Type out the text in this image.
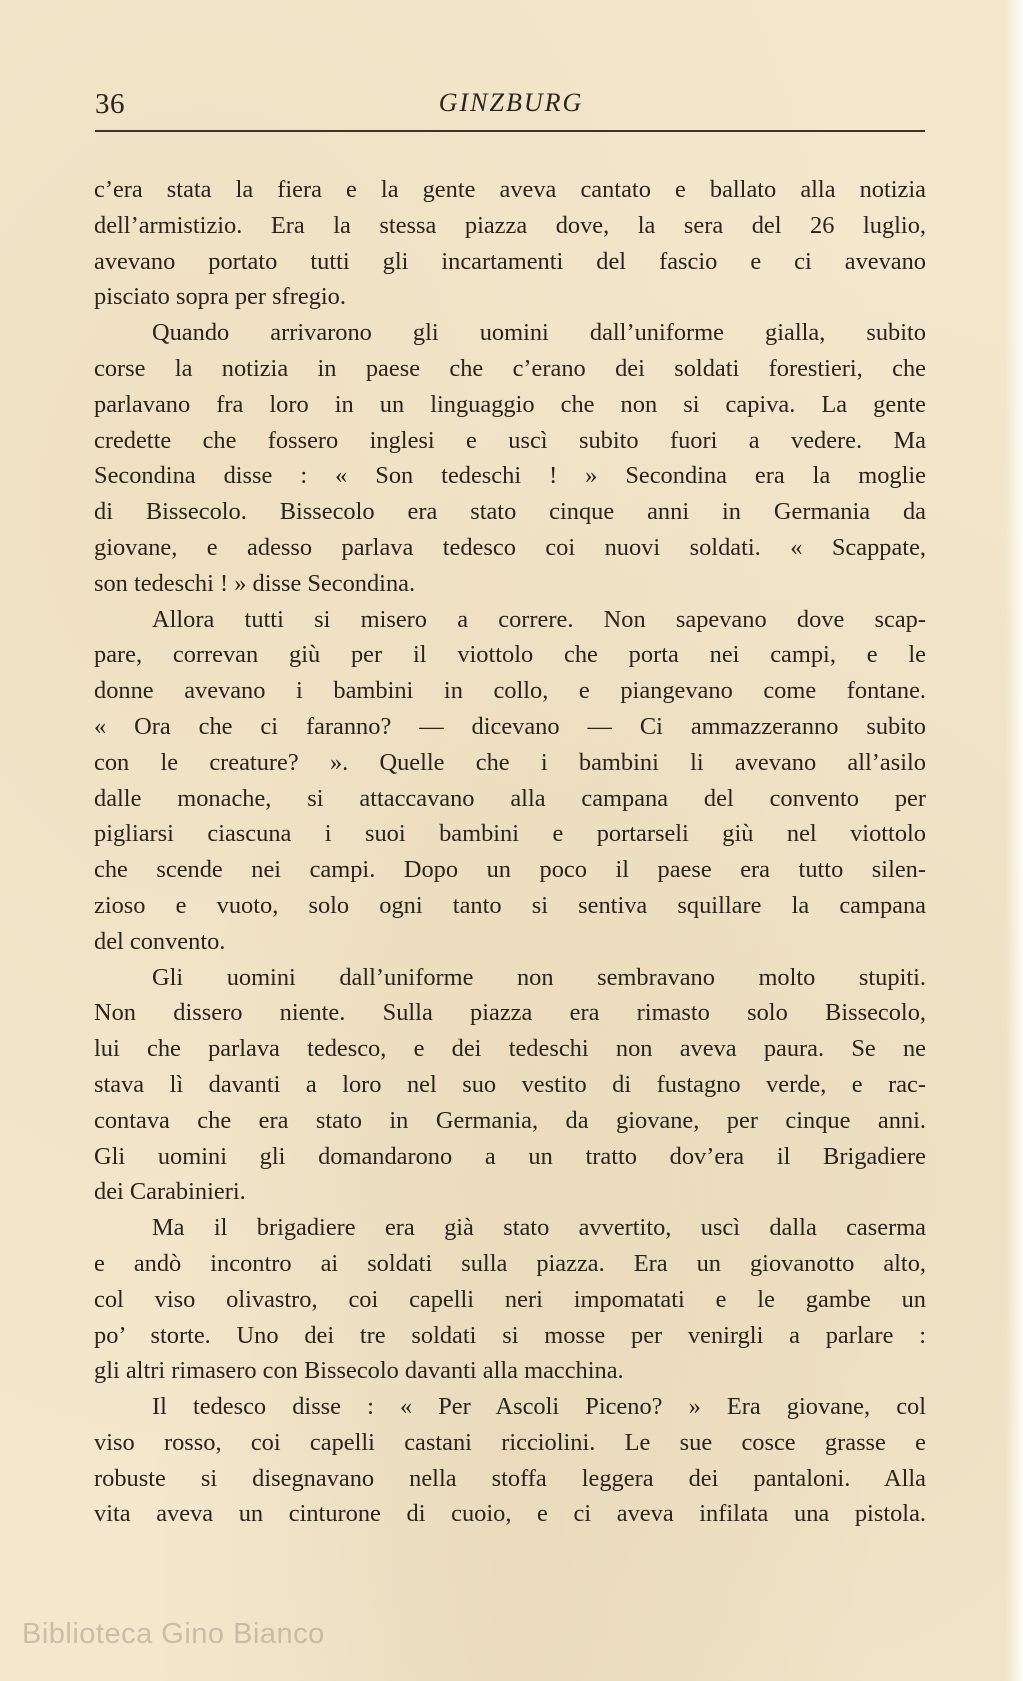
36	GINZBURG

c’era stata la fiera e la gente aveva cantato e ballato alla notizia

dell’armistizio. Era la stessa piazza dove, la sera del 26 luglio,

avevano portato tutti gli incartamenti del fascio e ci avevano

pisciato sopra per sfregio.

Quando arrivarono gli uomini dall’uniforme gialla, subito

corse la notizia in paese che c’erano dei soldati forestieri, che

parlavano fra loro in un linguaggio che non si capiva. La gente

credette che fossero inglesi e uscì subito fuori a vedere. Ma

Secondina disse : « Son tedeschi ! » Secondina era la moglie

di Bissecolo. Bissecolo era stato cinque anni in Germania da

giovane, e adesso parlava tedesco coi nuovi soldati. « Scappate,

son tedeschi ! » disse Secondina.

Allora tutti si misero a correre. Non sapevano dove scap-

pare, correvan giù per il viottolo che porta nei campi, e le

donne avevano i bambini in collo, e piangevano come fontane.

« Ora che ci faranno? — dicevano — Ci ammazzeranno subito

con le creature? ». Quelle che i bambini li avevano all’asilo

dalle monache, si attaccavano alla campana del convento per

pigliarsi ciascuna i suoi bambini e portarseli giù nel viottolo

che scende nei campi. Dopo un poco il paese era tutto silen-

zioso e vuoto, solo ogni tanto si sentiva squillare la campana

del convento.

Gli uomini dall’uniforme non sembravano molto stupiti.

Non dissero niente. Sulla piazza era rimasto solo Bissecolo,

lui che parlava tedesco, e dei tedeschi non aveva paura. Se ne

stava lì davanti a loro nel suo vestito di fustagno verde, e rac-

contava che era stato in Germania, da giovane, per cinque anni.

Gli uomini gli domandarono a un tratto dov’era il Brigadiere

dei Carabinieri.

Ma il brigadiere era già stato avvertito, uscì dalla caserma

e andò incontro ai soldati sulla piazza. Era un giovanotto alto,

col viso olivastro, coi capelli neri impomatati e le gambe un

po’ storte. Uno dei tre soldati si mosse per venirgli a parlare :

gli altri rimasero con Bissecolo davanti alla macchina.

Il tedesco disse : « Per Ascoli Piceno? » Era giovane, col

viso rosso, coi capelli castani ricciolini. Le sue cosce grasse e

robuste si disegnavano nella stoffa leggera dei pantaloni. Alla

vita aveva un cinturone di cuoio, e ci aveva infilata una pistola.

Biblioteca Gino Bianco
